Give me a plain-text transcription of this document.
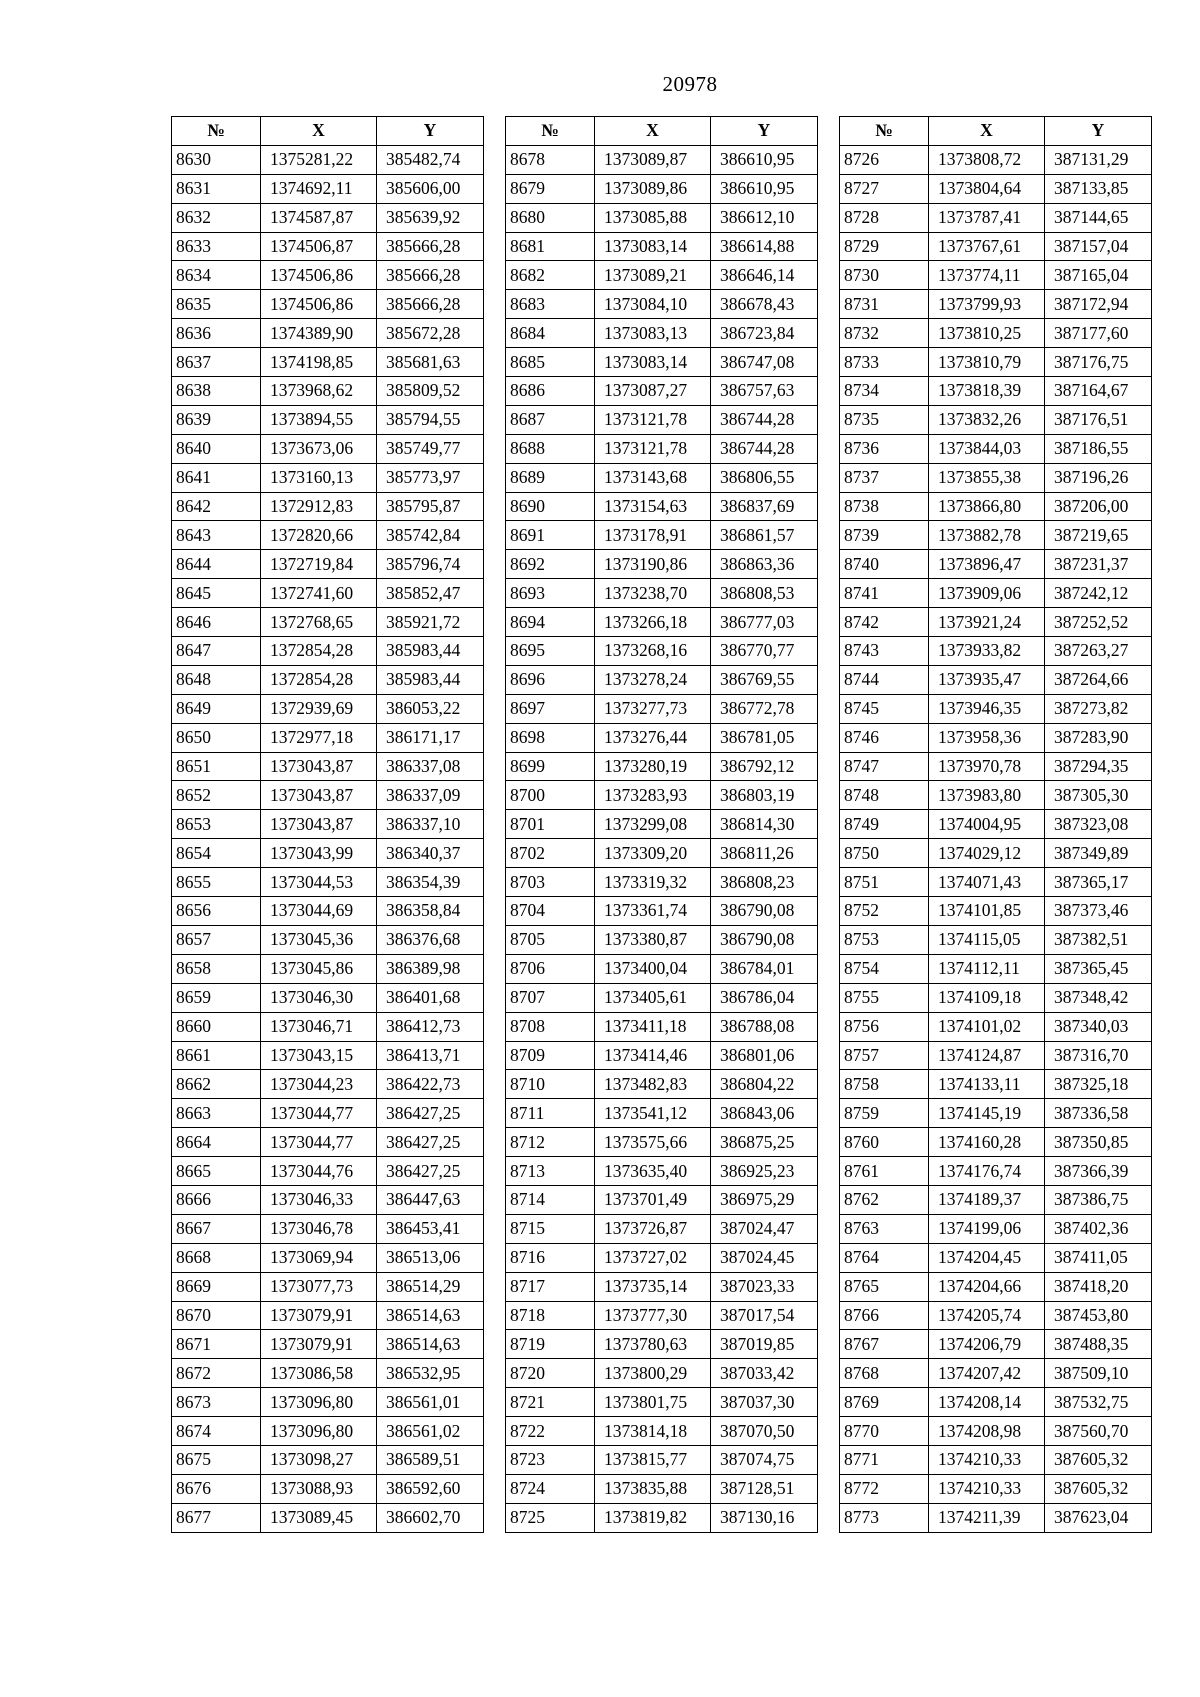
20978
№	X	Y
8630	1375281,22	385482,74
8631	1374692,11	385606,00
8632	1374587,87	385639,92
8633	1374506,87	385666,28
8634	1374506,86	385666,28
8635	1374506,86	385666,28
8636	1374389,90	385672,28
8637	1374198,85	385681,63
8638	1373968,62	385809,52
8639	1373894,55	385794,55
8640	1373673,06	385749,77
8641	1373160,13	385773,97
8642	1372912,83	385795,87
8643	1372820,66	385742,84
8644	1372719,84	385796,74
8645	1372741,60	385852,47
8646	1372768,65	385921,72
8647	1372854,28	385983,44
8648	1372854,28	385983,44
8649	1372939,69	386053,22
8650	1372977,18	386171,17
8651	1373043,87	386337,08
8652	1373043,87	386337,09
8653	1373043,87	386337,10
8654	1373043,99	386340,37
8655	1373044,53	386354,39
8656	1373044,69	386358,84
8657	1373045,36	386376,68
8658	1373045,86	386389,98
8659	1373046,30	386401,68
8660	1373046,71	386412,73
8661	1373043,15	386413,71
8662	1373044,23	386422,73
8663	1373044,77	386427,25
8664	1373044,77	386427,25
8665	1373044,76	386427,25
8666	1373046,33	386447,63
8667	1373046,78	386453,41
8668	1373069,94	386513,06
8669	1373077,73	386514,29
8670	1373079,91	386514,63
8671	1373079,91	386514,63
8672	1373086,58	386532,95
8673	1373096,80	386561,01
8674	1373096,80	386561,02
8675	1373098,27	386589,51
8676	1373088,93	386592,60
8677	1373089,45	386602,70
№	X	Y
8678	1373089,87	386610,95
8679	1373089,86	386610,95
8680	1373085,88	386612,10
8681	1373083,14	386614,88
8682	1373089,21	386646,14
8683	1373084,10	386678,43
8684	1373083,13	386723,84
8685	1373083,14	386747,08
8686	1373087,27	386757,63
8687	1373121,78	386744,28
8688	1373121,78	386744,28
8689	1373143,68	386806,55
8690	1373154,63	386837,69
8691	1373178,91	386861,57
8692	1373190,86	386863,36
8693	1373238,70	386808,53
8694	1373266,18	386777,03
8695	1373268,16	386770,77
8696	1373278,24	386769,55
8697	1373277,73	386772,78
8698	1373276,44	386781,05
8699	1373280,19	386792,12
8700	1373283,93	386803,19
8701	1373299,08	386814,30
8702	1373309,20	386811,26
8703	1373319,32	386808,23
8704	1373361,74	386790,08
8705	1373380,87	386790,08
8706	1373400,04	386784,01
8707	1373405,61	386786,04
8708	1373411,18	386788,08
8709	1373414,46	386801,06
8710	1373482,83	386804,22
8711	1373541,12	386843,06
8712	1373575,66	386875,25
8713	1373635,40	386925,23
8714	1373701,49	386975,29
8715	1373726,87	387024,47
8716	1373727,02	387024,45
8717	1373735,14	387023,33
8718	1373777,30	387017,54
8719	1373780,63	387019,85
8720	1373800,29	387033,42
8721	1373801,75	387037,30
8722	1373814,18	387070,50
8723	1373815,77	387074,75
8724	1373835,88	387128,51
8725	1373819,82	387130,16
№	X	Y
8726	1373808,72	387131,29
8727	1373804,64	387133,85
8728	1373787,41	387144,65
8729	1373767,61	387157,04
8730	1373774,11	387165,04
8731	1373799,93	387172,94
8732	1373810,25	387177,60
8733	1373810,79	387176,75
8734	1373818,39	387164,67
8735	1373832,26	387176,51
8736	1373844,03	387186,55
8737	1373855,38	387196,26
8738	1373866,80	387206,00
8739	1373882,78	387219,65
8740	1373896,47	387231,37
8741	1373909,06	387242,12
8742	1373921,24	387252,52
8743	1373933,82	387263,27
8744	1373935,47	387264,66
8745	1373946,35	387273,82
8746	1373958,36	387283,90
8747	1373970,78	387294,35
8748	1373983,80	387305,30
8749	1374004,95	387323,08
8750	1374029,12	387349,89
8751	1374071,43	387365,17
8752	1374101,85	387373,46
8753	1374115,05	387382,51
8754	1374112,11	387365,45
8755	1374109,18	387348,42
8756	1374101,02	387340,03
8757	1374124,87	387316,70
8758	1374133,11	387325,18
8759	1374145,19	387336,58
8760	1374160,28	387350,85
8761	1374176,74	387366,39
8762	1374189,37	387386,75
8763	1374199,06	387402,36
8764	1374204,45	387411,05
8765	1374204,66	387418,20
8766	1374205,74	387453,80
8767	1374206,79	387488,35
8768	1374207,42	387509,10
8769	1374208,14	387532,75
8770	1374208,98	387560,70
8771	1374210,33	387605,32
8772	1374210,33	387605,32
8773	1374211,39	387623,04
